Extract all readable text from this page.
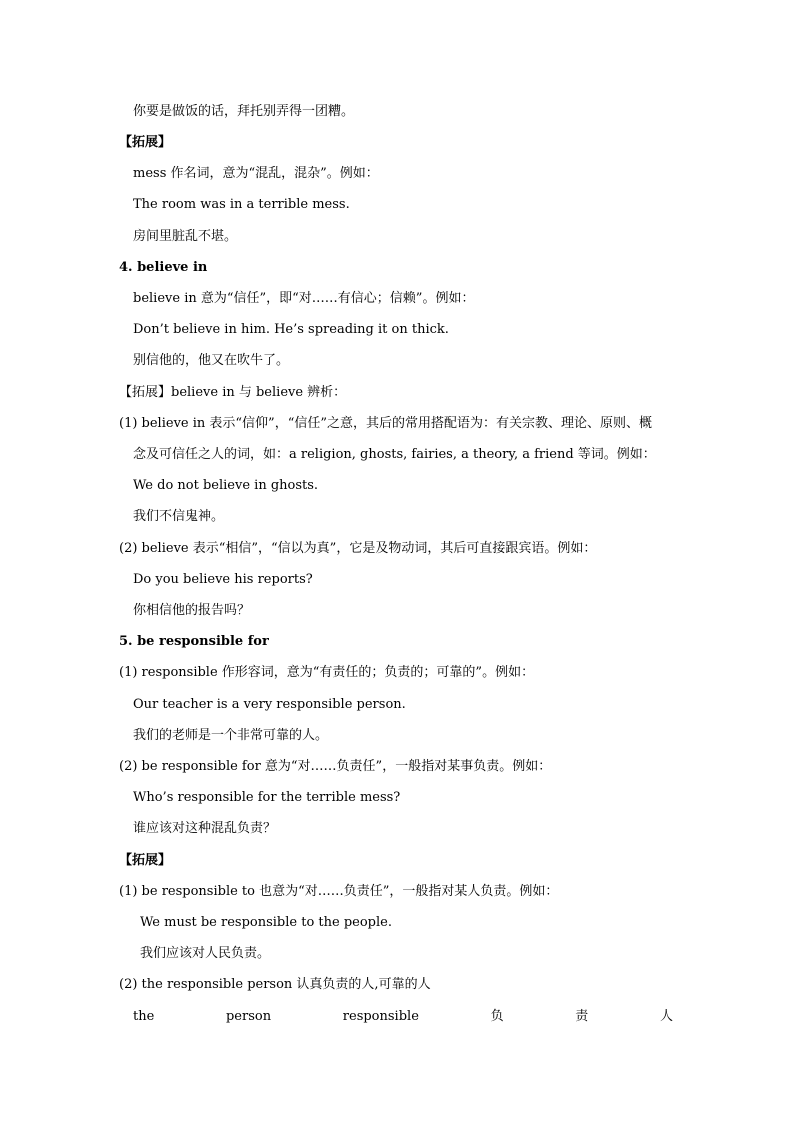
你要是做饭的话，拜托别弄得一团糟。
【拓展】
mess 作名词，意为“混乱，混杂”。例如：
The room was in a terrible mess.
房间里脏乱不堪。
4. believe in
believe in 意为“信任”，即“对……有信心；信赖”。例如：
Don’t believe in him. He’s spreading it on thick.
别信他的，他又在吹牛了。
【拓展】believe in 与 believe 辨析：
(1) believe in 表示“信仰”，“信任”之意，其后的常用搭配语为：有关宗教、理论、原则、概
念及可信任之人的词，如：a religion, ghosts, fairies, a theory, a friend 等词。例如：
We do not believe in ghosts.
我们不信鬼神。
(2) believe 表示“相信”，“信以为真”，它是及物动词，其后可直接跟宾语。例如：
Do you believe his reports?
你相信他的报告吗？
5. be responsible for
(1) responsible 作形容词，意为“有责任的；负责的；可靠的”。例如：
Our teacher is a very responsible person.
我们的老师是一个非常可靠的人。
(2) be responsible for 意为“对……负责任”，一般指对某事负责。例如：
Who’s responsible for the terrible mess?
谁应该对这种混乱负责？
【拓展】
(1) be responsible to 也意为“对……负责任”，一般指对某人负责。例如：
We must be responsible to the people.
我们应该对人民负责。
(2) the responsible person 认真负责的人,可靠的人
the	person	responsible	负	责	人
